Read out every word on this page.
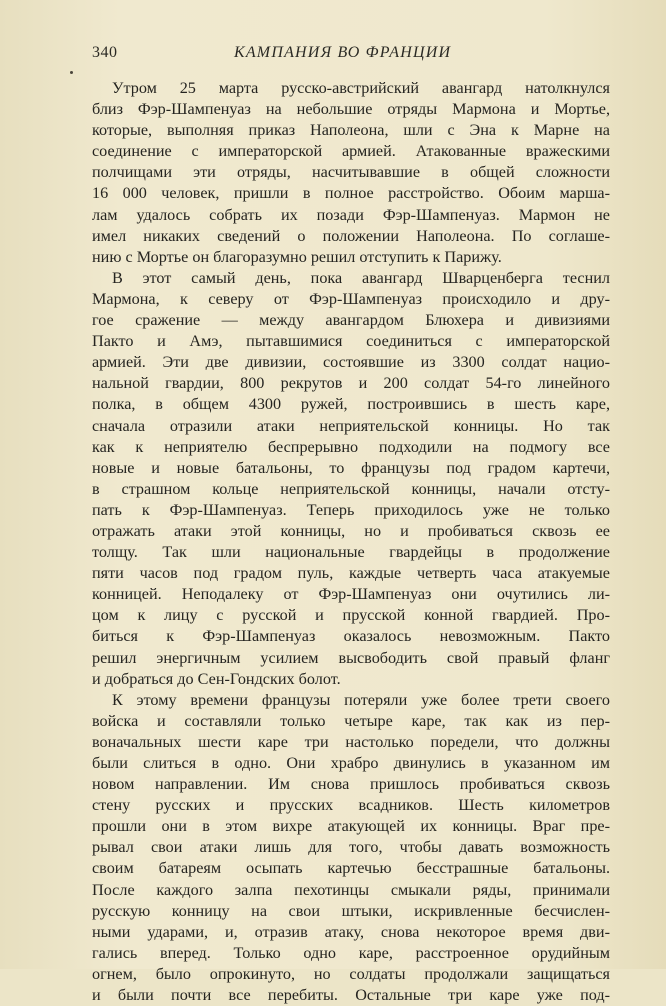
340	КАМПАНИЯ ВО ФРАНЦИИ
Утром 25 марта русско-австрийский авангард натолкнулся
близ Фэр-Шампенуаз на небольшие отряды Мармона и Мортье,
которые, выполняя приказ Наполеона, шли с Эна к Марне на
соединение с императорской армией. Атакованные вражескими
полчищами эти отряды, насчитывавшие в общей сложности
16 000 человек, пришли в полное расстройство. Обоим марша-
лам удалось собрать их позади Фэр-Шампенуаз. Мармон не
имел никаких сведений о положении Наполеона. По соглаше-
нию с Мортье он благоразумно решил отступить к Парижу.
В этот самый день, пока авангард Шварценберга теснил
Мармона, к северу от Фэр-Шампенуаз происходило и дру-
гое сражение — между авангардом Блюхера и дивизиями
Пакто и Амэ, пытавшимися соединиться с императорской
армией. Эти две дивизии, состоявшие из 3300 солдат нацио-
нальной гвардии, 800 рекрутов и 200 солдат 54-го линейного
полка, в общем 4300 ружей, построившись в шесть каре,
сначала отразили атаки неприятельской конницы. Но так
как к неприятелю беспрерывно подходили на подмогу все
новые и новые батальоны, то французы под градом картечи,
в страшном кольце неприятельской конницы, начали отсту-
пать к Фэр-Шампенуаз. Теперь приходилось уже не только
отражать атаки этой конницы, но и пробиваться сквозь ее
толщу. Так шли национальные гвардейцы в продолжение
пяти часов под градом пуль, каждые четверть часа атакуемые
конницей. Неподалеку от Фэр-Шампенуаз они очутились ли-
цом к лицу с русской и прусской конной гвардией. Про-
биться к Фэр-Шампенуаз оказалось невозможным. Пакто
решил энергичным усилием высвободить свой правый фланг
и добраться до Сен-Гондских болот.
К этому времени французы потеряли уже более трети своего
войска и составляли только четыре каре, так как из пер-
воначальных шести каре три настолько поредели, что должны
были слиться в одно. Они храбро двинулись в указанном им
новом направлении. Им снова пришлось пробиваться сквозь
стену русских и прусских всадников. Шесть километров
прошли они в этом вихре атакующей их конницы. Враг пре-
рывал свои атаки лишь для того, чтобы давать возможность
своим батареям осыпать картечью бесстрашные батальоны.
После каждого залпа пехотинцы смыкали ряды, принимали
русскую конницу на свои штыки, искривленные бесчислен-
ными ударами, и, отразив атаку, снова некоторое время дви-
гались вперед. Только одно каре, расстроенное орудийным
огнем, было опрокинуто, но солдаты продолжали защищаться
и были почти все перебиты. Остальные три каре уже под-
